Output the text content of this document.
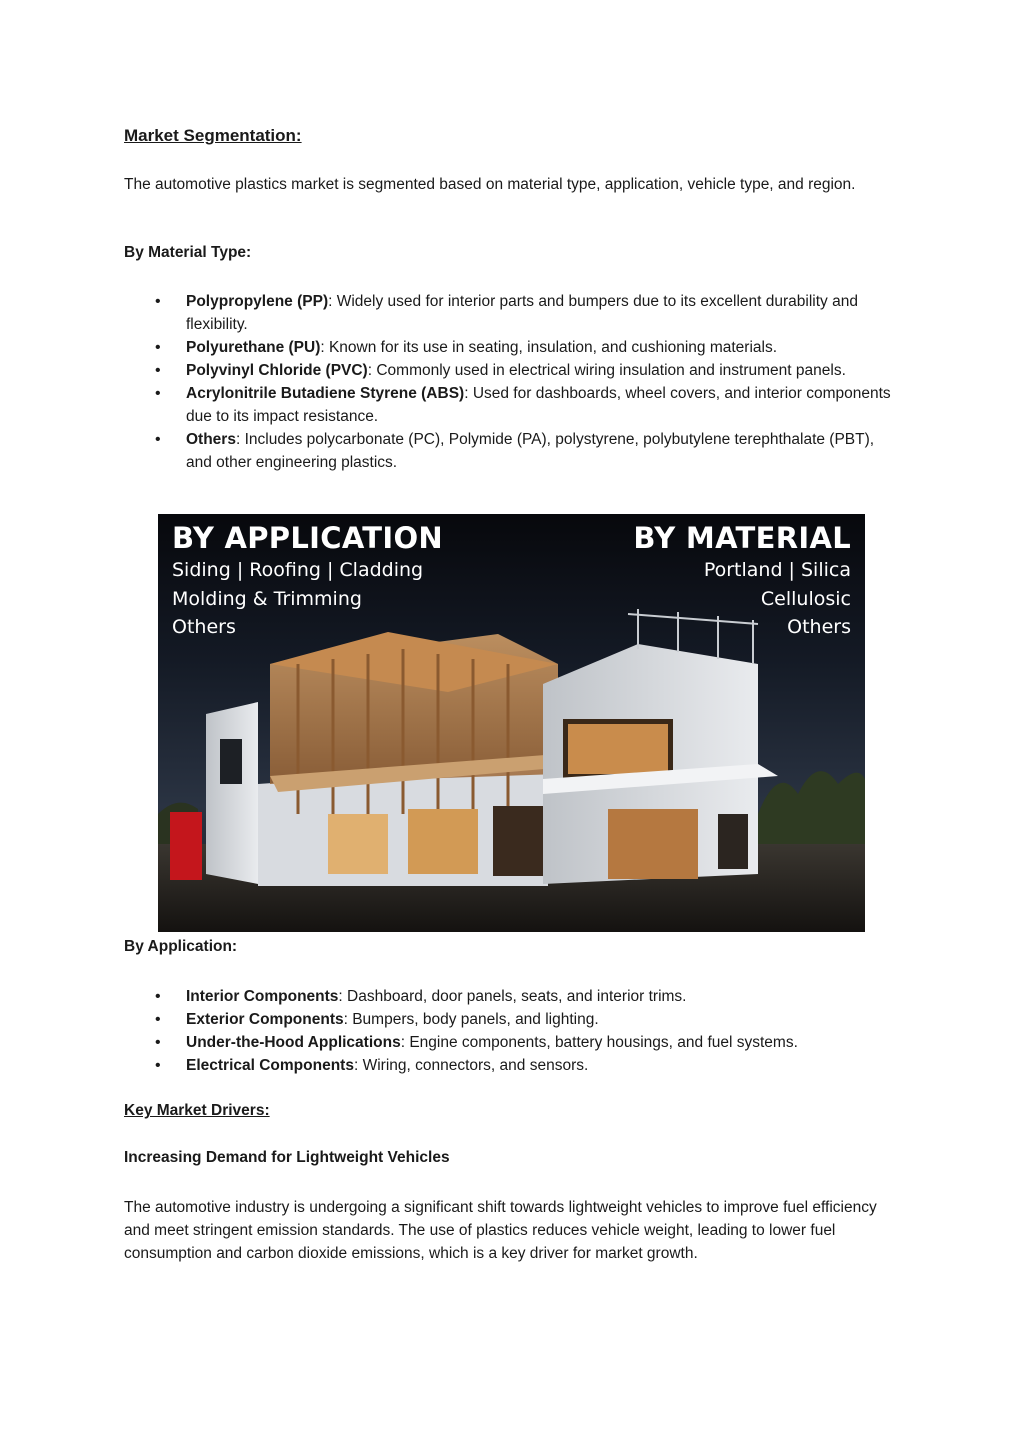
Market Segmentation:

The automotive plastics market is segmented based on material type, application, vehicle type, and region.

By Material Type:

• Polypropylene (PP): Widely used for interior parts and bumpers due to its excellent durability and flexibility.
• Polyurethane (PU): Known for its use in seating, insulation, and cushioning materials.
• Polyvinyl Chloride (PVC): Commonly used in electrical wiring insulation and instrument panels.
• Acrylonitrile Butadiene Styrene (ABS): Used for dashboards, wheel covers, and interior components due to its impact resistance.
• Others: Includes polycarbonate (PC), Polymide (PA), polystyrene, polybutylene terephthalate (PBT), and other engineering plastics.

By Application:

• Interior Components: Dashboard, door panels, seats, and interior trims.
• Exterior Components: Bumpers, body panels, and lighting.
• Under-the-Hood Applications: Engine components, battery housings, and fuel systems.
• Electrical Components: Wiring, connectors, and sensors.
Key Market Drivers:

Increasing Demand for Lightweight Vehicles

The automotive industry is undergoing a significant shift towards lightweight vehicles to improve fuel efficiency and meet stringent emission standards. The use of plastics reduces vehicle weight, leading to lower fuel consumption and carbon dioxide emissions, which is a key driver for market growth.

BY APPLICATION
Siding | Roofing | Cladding
Molding & Trimming
Others
BY MATERIAL
Portland | Silica
Cellulosic
Others
